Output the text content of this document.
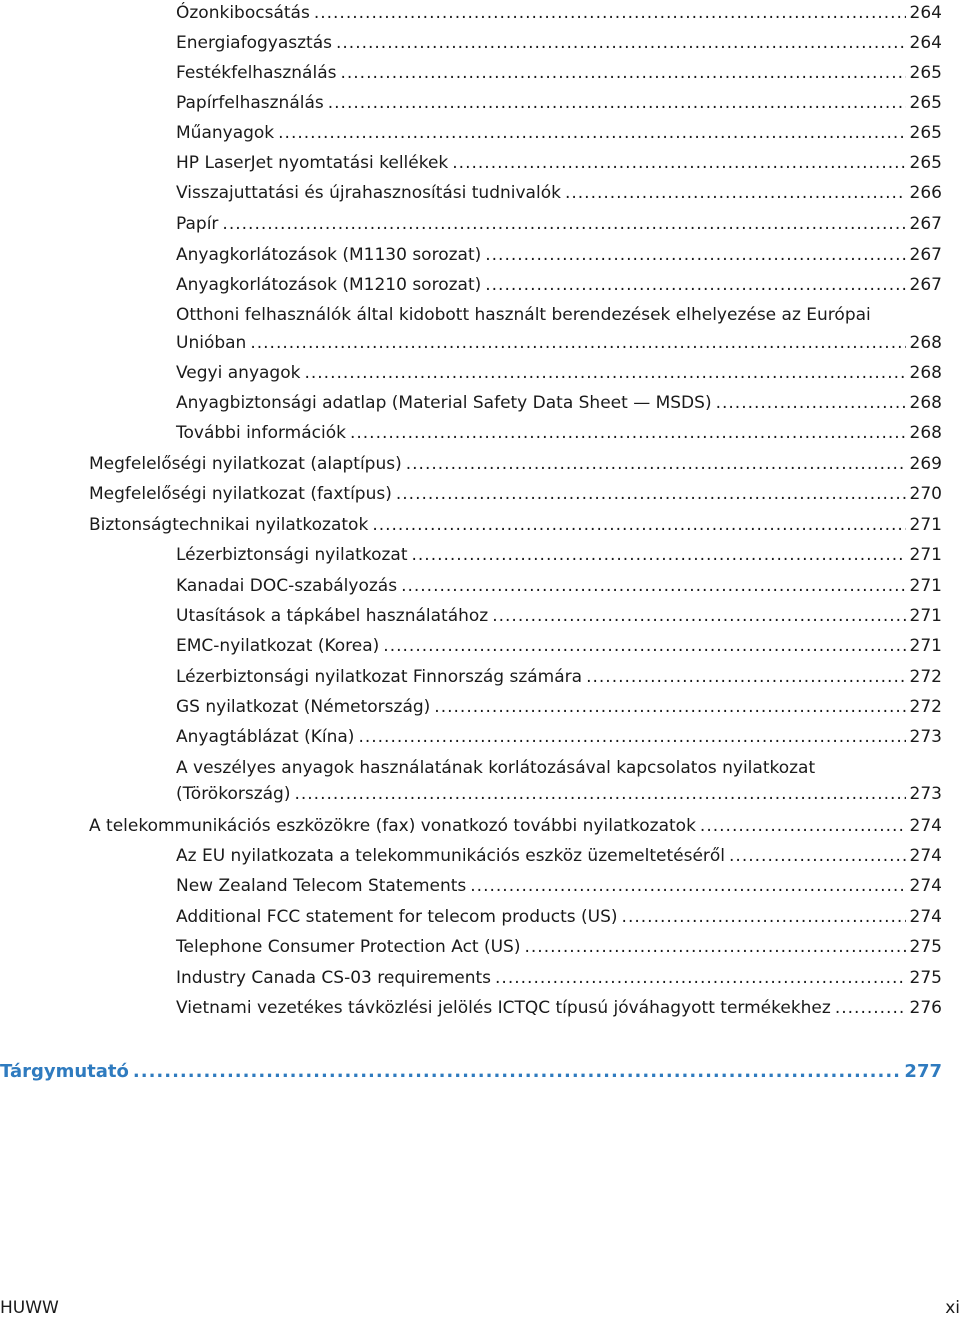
Ózonkibocsátás .....	264
Energiafogyasztás .....	264
Festékfelhasználás .....	265
Papírfelhasználás .....	265
Műanyagok .....	265
HP LaserJet nyomtatási kellékek .....	265
Visszajuttatási és újrahasznosítási tudnivalók .....	266
Papír .....	267
Anyagkorlátozások (M1130 sorozat) .....	267
Anyagkorlátozások (M1210 sorozat) .....	267
Otthoni felhasználók által kidobott használt berendezések elhelyezése az Európai
Unióban .....	268
Vegyi anyagok .....	268
Anyagbiztonsági adatlap (Material Safety Data Sheet — MSDS) .....	268
További információk .....	268
Megfelelőségi nyilatkozat (alaptípus) .....	269
Megfelelőségi nyilatkozat (faxtípus) .....	270
Biztonságtechnikai nyilatkozatok .....	271
Lézerbiztonsági nyilatkozat .....	271
Kanadai DOC-szabályozás .....	271
Utasítások a tápkábel használatához .....	271
EMC-nyilatkozat (Korea) .....	271
Lézerbiztonsági nyilatkozat Finnország számára .....	272
GS nyilatkozat (Németország) .....	272
Anyagtáblázat (Kína) .....	273
A veszélyes anyagok használatának korlátozásával kapcsolatos nyilatkozat
(Törökország) .....	273
A telekommunikációs eszközökre (fax) vonatkozó további nyilatkozatok .....	274
Az EU nyilatkozata a telekommunikációs eszköz üzemeltetéséről .....	274
New Zealand Telecom Statements .....	274
Additional FCC statement for telecom products (US) .....	274
Telephone Consumer Protection Act (US) .....	275
Industry Canada CS-03 requirements .....	275
Vietnami vezetékes távközlési jelölés ICTQC típusú jóváhagyott termékekhez .....	276
Tárgymutató .....	277
HUWW	xi
